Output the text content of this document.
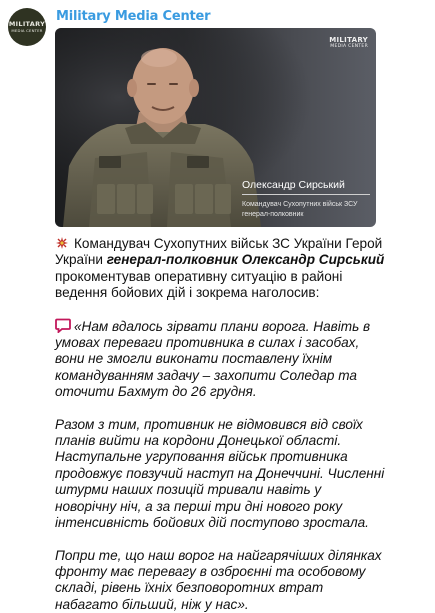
MILITARY
MEDIA CENTER
Military Media Center
MILITARY
MEDIA CENTER
Олександр Сирський
Командувач Сухопутних військ ЗСУ
генерал-полковник

Командувач Сухопутних військ ЗС України Герой України генерал-полковник Олександр Сирський прокоментував оперативну ситуацію в районі ведення бойових дій і зокрема наголосив:

«Нам вдалось зірвати плани ворога. Навіть в умовах переваги противника в силах і засобах, вони не змогли виконати поставлену їхнім командуванням задачу – захопити Соледар та оточити Бахмут до 26 грудня.

Разом з тим, противник не відмовився від своїх планів вийти на кордони Донецької області. Наступальне угруповання військ противника продовжує повзучий наступ на Донеччині. Численні штурми наших позицій тривали навіть у новорічну ніч, а за перші три дні нового року інтенсивність бойових дій поступово зростала.

Попри те, що наш ворог на найгарячіших ділянках фронту має перевагу в озброєнні та особовому складі, рівень їхніх безповоротних втрат набагато більший, ніж у нас».
